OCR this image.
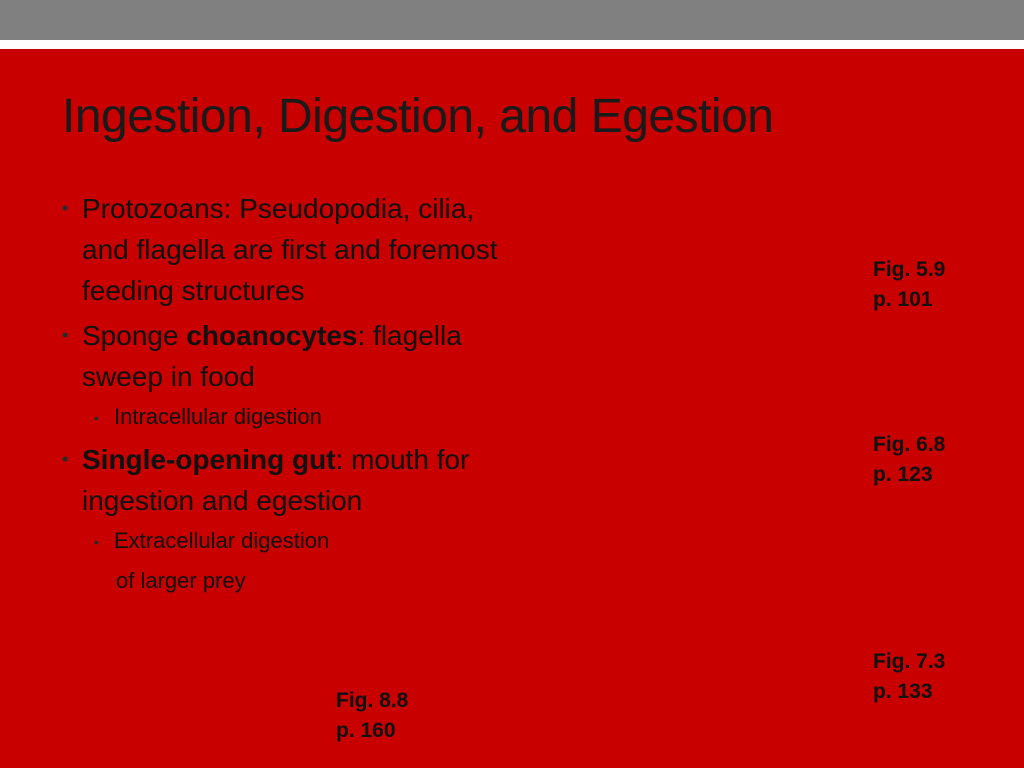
Ingestion, Digestion, and Egestion
• Protozoans: Pseudopodia, cilia, and flagella are first and foremost feeding structures
• Sponge choanocytes: flagella sweep in food
• Intracellular digestion
• Single-opening gut: mouth for ingestion and egestion
• Extracellular digestion
of larger prey
Fig. 5.9
p. 101
Fig. 6.8
p. 123
Fig. 7.3
p. 133
Fig. 8.8
p. 160
